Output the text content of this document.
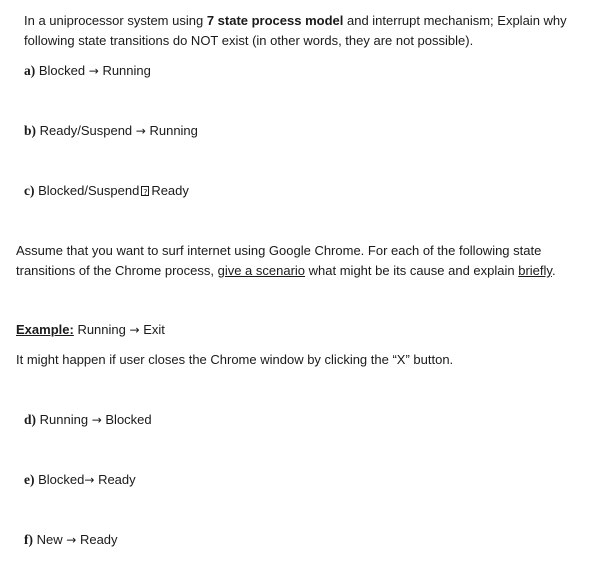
In a uniprocessor system using 7 state process model and interrupt mechanism; Explain why
following state transitions do NOT exist (in other words, they are not possible).
a) Blocked → Running
b) Ready/Suspend → Running
c) Blocked/Suspend? Ready
Assume that you want to surf internet using Google Chrome. For each of the following state
transitions of the Chrome process, give a scenario what might be its cause and explain briefly.
Example: Running → Exit
It might happen if user closes the Chrome window by clicking the “X” button.
d) Running → Blocked
e) Blocked→ Ready
f) New → Ready
